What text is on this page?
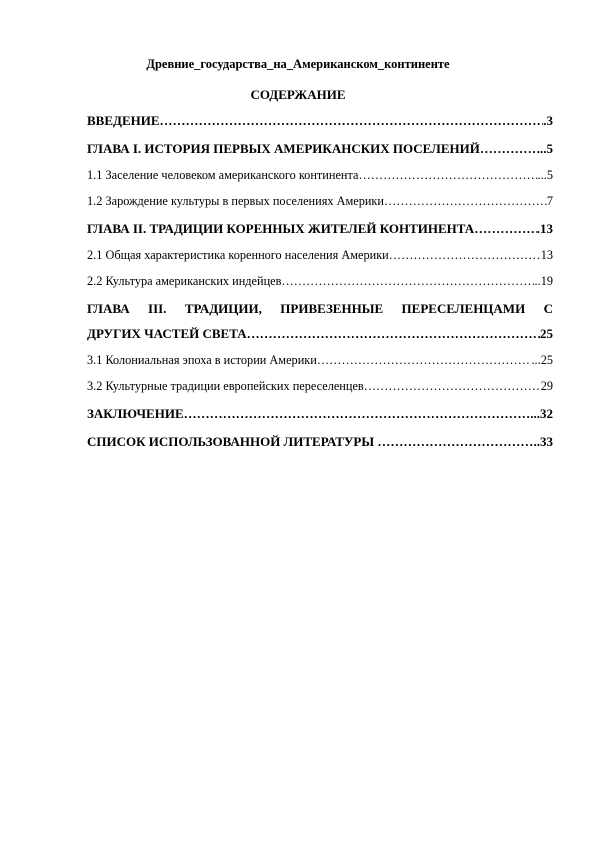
Древние_государства_на_Американском_континенте
СОДЕРЖАНИЕ
ВВЕДЕНИЕ …………………………………………………………………………………………………………………………………………………………………………………………………………	.3
ГЛАВА I. ИСТОРИЯ ПЕРВЫХ АМЕРИКАНСКИХ ПОСЕЛЕНИЙ …………………………………………………………………………………………………………………………………………………………………………………………………………	..5
1.1 Заселение человеком американского континента …………………………………………………………………………………………………………………………………………………………………………………………………………	...5
1.2 Зарождение культуры в первых поселениях Америки …………………………………………………………………………………………………………………………………………………………………………………………………………	7
ГЛАВА II. ТРАДИЦИИ КОРЕННЫХ ЖИТЕЛЕЙ КОНТИНЕНТА …………………………………………………………………………………………………………………………………………………………………………………………………………	.13
2.1 Общая характеристика коренного населения Америки …………………………………………………………………………………………………………………………………………………………………………………………………………	13
2.2 Культура американских индейцев …………………………………………………………………………………………………………………………………………………………………………………………………………	..19
ГЛАВА III. ТРАДИЦИИ, ПРИВЕЗЕННЫЕ ПЕРЕСЕЛЕНЦАМИ С
ДРУГИХ ЧАСТЕЙ СВЕТА …………………………………………………………………………………………………………………………………………………………………………………………………………	25
3.1 Колониальная эпоха в истории Америки …………………………………………………………………………………………………………………………………………………………………………………………………………	...25
3.2 Культурные традиции европейских переселенцев …………………………………………………………………………………………………………………………………………………………………………………………………………	29
ЗАКЛЮЧЕНИЕ …………………………………………………………………………………………………………………………………………………………………………………………………………	...32
СПИСОК ИСПОЛЬЗОВАННОЙ ЛИТЕРАТУРЫ …………………………………………………………………………………………………………………………………………………………………………………………………………	..33
